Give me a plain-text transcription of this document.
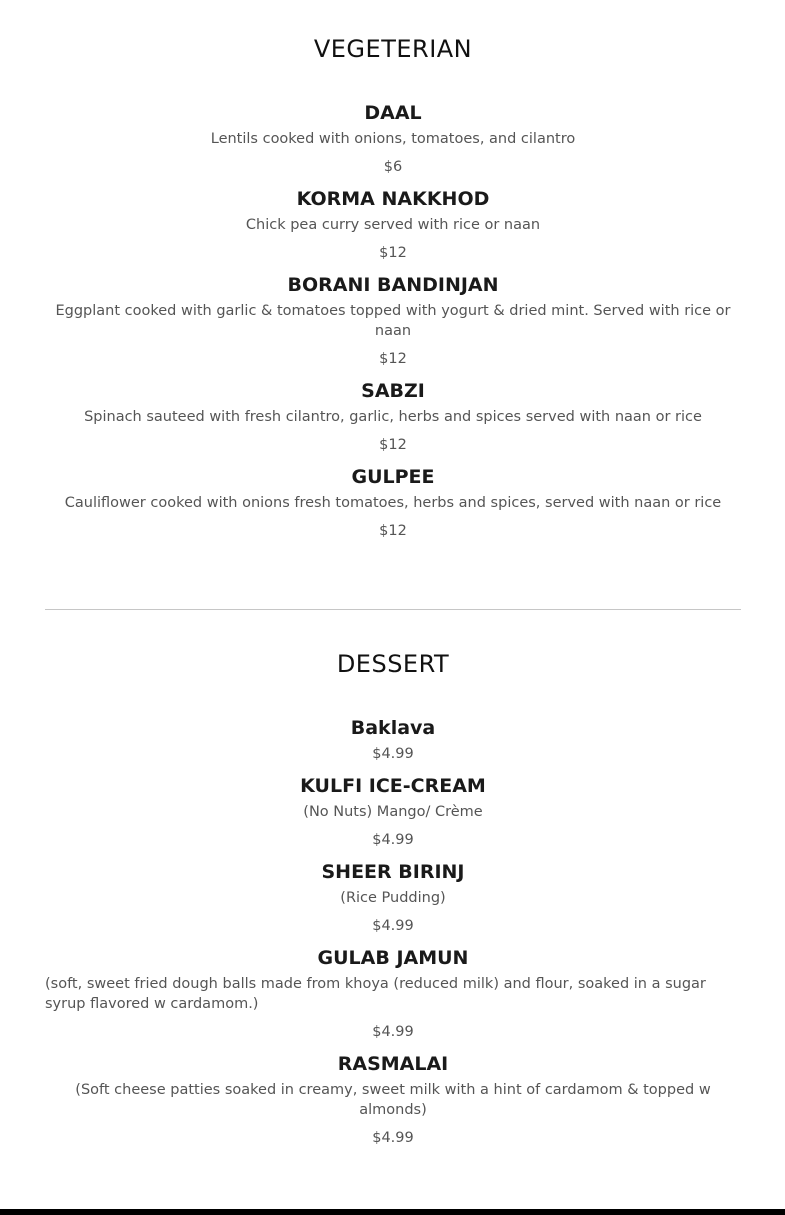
VEGETERIAN
DAAL
Lentils cooked with onions, tomatoes, and cilantro
$6
KORMA NAKKHOD
Chick pea curry served with rice or naan
$12
BORANI BANDINJAN
Eggplant cooked with garlic & tomatoes topped with yogurt & dried mint. Served with rice or naan
$12
SABZI
Spinach sauteed with fresh cilantro, garlic, herbs and spices served with naan or rice
$12
GULPEE
Cauliflower cooked with onions fresh tomatoes, herbs and spices, served with naan or rice
$12
DESSERT
Baklava
$4.99
KULFI ICE-CREAM
(No Nuts) Mango/ Crème
$4.99
SHEER BIRINJ
(Rice Pudding)
$4.99
GULAB JAMUN
(soft, sweet fried dough balls made from khoya (reduced milk) and flour, soaked in a sugar syrup flavored w cardamom.)
$4.99
RASMALAI
(Soft cheese patties soaked in creamy, sweet milk with a hint of cardamom & topped w almonds)
$4.99
